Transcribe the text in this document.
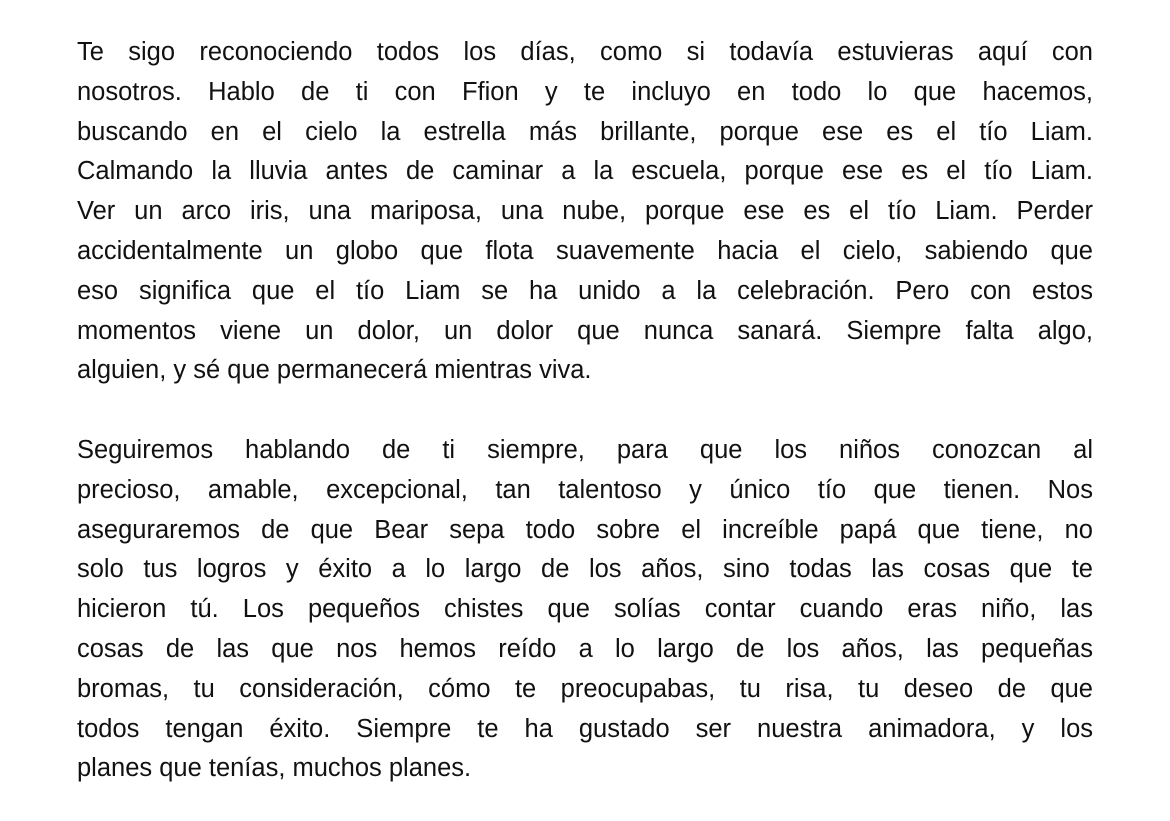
Te sigo reconociendo todos los días, como si todavía estuvieras aquí con
nosotros. Hablo de ti con Ffion y te incluyo en todo lo que hacemos,
buscando en el cielo la estrella más brillante, porque ese es el tío Liam.
Calmando la lluvia antes de caminar a la escuela, porque ese es el tío Liam.
Ver un arco iris, una mariposa, una nube, porque ese es el tío Liam. Perder
accidentalmente un globo que flota suavemente hacia el cielo, sabiendo que
eso significa que el tío Liam se ha unido a la celebración. Pero con estos
momentos viene un dolor, un dolor que nunca sanará. Siempre falta algo,
alguien, y sé que permanecerá mientras viva.
Seguiremos hablando de ti siempre, para que los niños conozcan al
precioso, amable, excepcional, tan talentoso y único tío que tienen. Nos
aseguraremos de que Bear sepa todo sobre el increíble papá que tiene, no
solo tus logros y éxito a lo largo de los años, sino todas las cosas que te
hicieron tú. Los pequeños chistes que solías contar cuando eras niño, las
cosas de las que nos hemos reído a lo largo de los años, las pequeñas
bromas, tu consideración, cómo te preocupabas, tu risa, tu deseo de que
todos tengan éxito. Siempre te ha gustado ser nuestra animadora, y los
planes que tenías, muchos planes.
